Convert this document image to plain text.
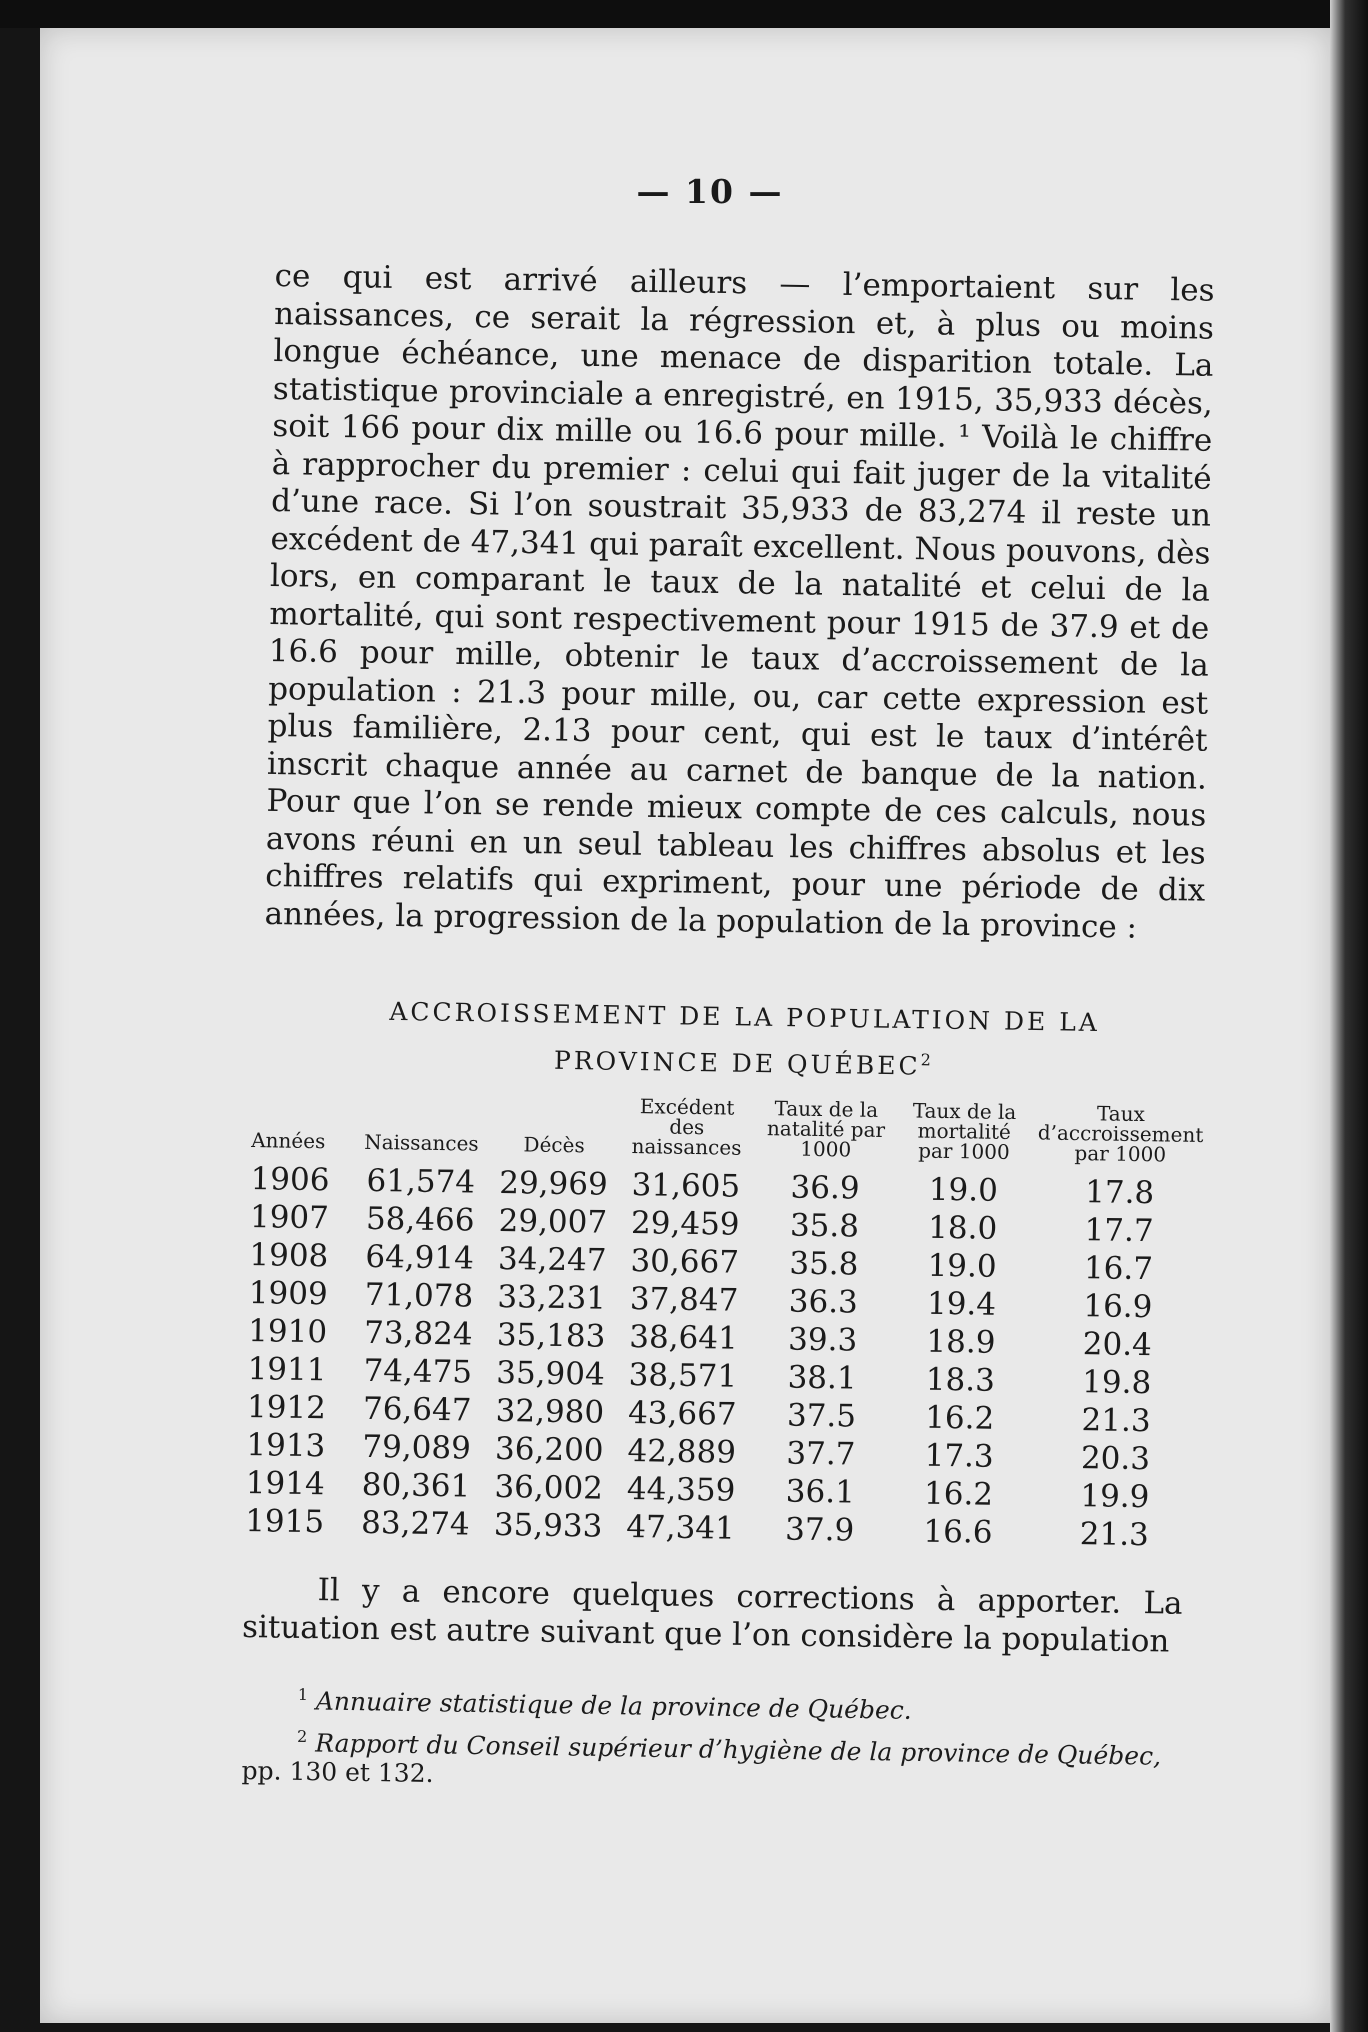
— 10 —

ce qui est arrivé ailleurs — l’emportaient sur les naissances, ce serait la régression et, à plus ou moins longue échéance, une menace de disparition totale. La statistique provinciale a enregistré, en 1915, 35,933 décès, soit 166 pour dix mille ou 16.6 pour mille. ¹ Voilà le chiffre à rapprocher du premier : celui qui fait juger de la vitalité d’une race. Si l’on soustrait 35,933 de 83,274 il reste un excédent de 47,341 qui paraît excellent. Nous pouvons, dès lors, en comparant le taux de la natalité et celui de la mortalité, qui sont respectivement pour 1915 de 37.9 et de 16.6 pour mille, obtenir le taux d’accroissement de la population : 21.3 pour mille, ou, car cette expression est plus familière, 2.13 pour cent, qui est le taux d’intérêt inscrit chaque année au carnet de banque de la nation. Pour que l’on se rende mieux compte de ces calculs, nous avons réuni en un seul tableau les chiffres absolus et les chiffres relatifs qui expriment, pour une période de dix années, la progression de la population de la province :

ACCROISSEMENT DE LA POPULATION DE LA
PROVINCE DE QUÉBEC$^2$
Années	Naissances	Décès	Excédent des naissances	Taux de la natalité par 1000	Taux de la mortalité par 1000	Taux d’accroissement par 1000
1906	61,574	29,969	31,605	36.9	19.0	17.8
1907	58,466	29,007	29,459	35.8	18.0	17.7
1908	64,914	34,247	30,667	35.8	19.0	16.7
1909	71,078	33,231	37,847	36.3	19.4	16.9
1910	73,824	35,183	38,641	39.3	18.9	20.4
1911	74,475	35,904	38,571	38.1	18.3	19.8
1912	76,647	32,980	43,667	37.5	16.2	21.3
1913	79,089	36,200	42,889	37.7	17.3	20.3
1914	80,361	36,002	44,359	36.1	16.2	19.9
1915	83,274	35,933	47,341	37.9	16.6	21.3

Il y a encore quelques corrections à apporter. La situation est autre suivant que l’on considère la population

$^1$ Annuaire statistique de la province de Québec.

$^2$ Rapport du Conseil supérieur d’hygiène de la province de Québec, pp. 130 et 132.
